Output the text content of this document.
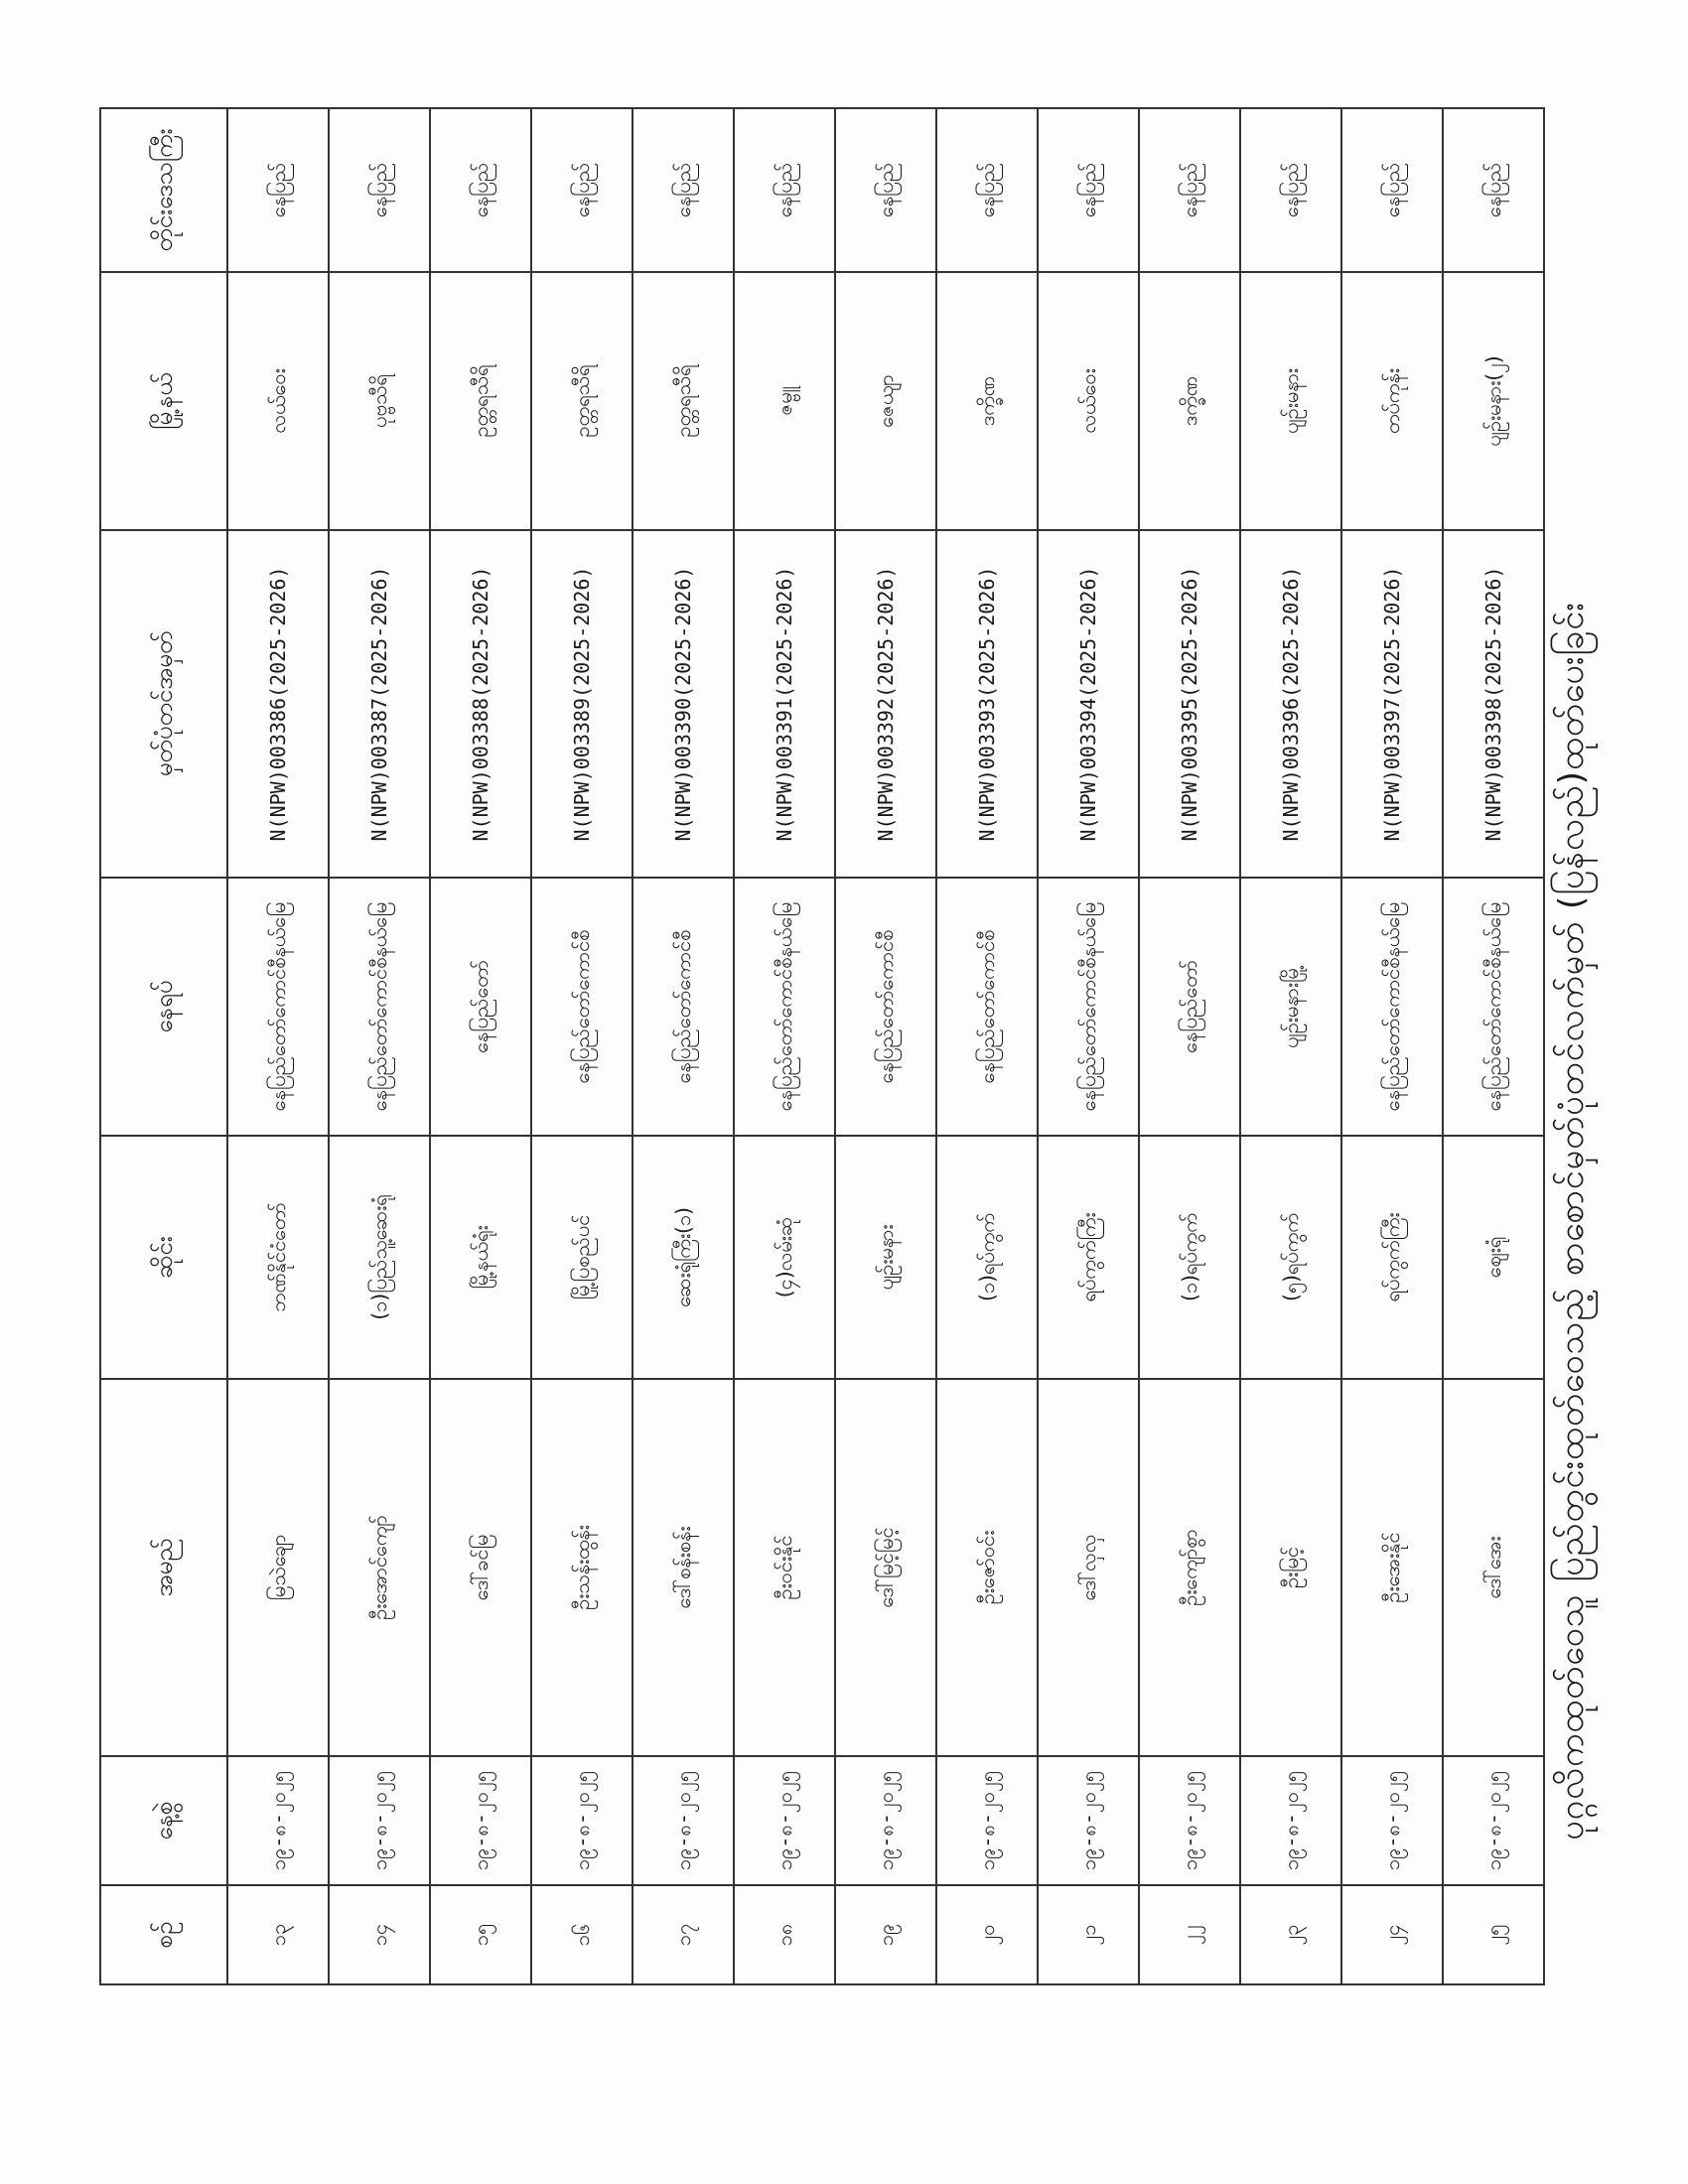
ပုဂ္ဂလိကထုတ်ဝေသူ ပြည်တွင်းထုတ်ဝေသည့် စာစောင်မှတ်ပုံတင်လက်မှတ် (ပြန်လည်)ထုတ်ပေးခြင်း
စဉ်	နေ့စွဲ	အမည်	ဆိုင်း	နေရပ်	မှတ်ပုံတင်အမှတ်	မြို့နယ်	တိုင်းဒေသကြီး
၁၃	၁၉-၈-၂၀၂၅	မြသဲချော	ဘဏ်နိုင်ငံတော်	နေပြည်တော်ကောင်စီနယ်မြေ	N(NPW)003386(2025-2026)	လယ်ဝေး	နေပြည်
၁၄	၁၉-၈-၂၀၂၅	ဦးအောင်ကျော်	(၁)ပြည်သူ့ဆေးရုံ	နေပြည်တော်ကောင်စီနယ်မြေ	N(NPW)003387(2025-2026)	ပုဗ္ဗသီရိ	နေပြည်
၁၅	၁၉-၈-၂၀၂၅	ဒေါ်ခင်မြ	မြို့နယ်ရုံး	နေပြည်တော်	N(NPW)003388(2025-2026)	ဥတ္တရသီရိ	နေပြည်
၁၆	၁၉-၈-၂၀၂၅	ဦးသန်းထွန်း	မြို့ပြစည်ပင်	နေပြည်တော်ကောင်စီ	N(NPW)003389(2025-2026)	ဥတ္တရသီရိ	နေပြည်
၁၇	၁၉-၈-၂၀၂၅	ဒေါ်စန်းစန်း	ဆေးရုံကြီး(၁)	နေပြည်တော်ကောင်စီ	N(NPW)003390(2025-2026)	ဥတ္တရသီရိ	နေပြည်
၁၈	၁၉-၈-၂၀၂၅	ဦးဝင်းနိုင်	(၄)လမ်းဆုံ	နေပြည်တော်ကောင်စီနယ်မြေ	N(NPW)003391(2025-2026)	ဇမ္ဗူ	နေပြည်
၁၉	၁၉-၈-၂၀၂၅	ဒေါ်မြင့်မြင့်	ပျဉ်းမနား	နေပြည်တော်ကောင်စီ	N(NPW)003392(2025-2026)	ဇေယျာ	နေပြည်
၂၀	၁၉-၈-၂၀၂၅	ဦးဇော်ဝင်း	(၁)ရပ်ကွက်	နေပြည်တော်ကောင်စီ	N(NPW)003393(2025-2026)	ဒက္ခိဏ	နေပြည်
၂၁	၁၉-၈-၂၀၂၅	ဒေါ်လှလှ	ရပ်ကွက်ကြီး	နေပြည်တော်ကောင်စီနယ်မြေ	N(NPW)003394(2025-2026)	လယ်ဝေး	နေပြည်
၂၂	၁၉-၈-၂၀၂၅	ဦးကျော်စွာ	(၁)ရပ်ကွက်	နေပြည်တော်	N(NPW)003395(2025-2026)	ဒက္ခိဏ	နေပြည်
၂၃	၁၉-၈-၂၀၂၅	ဦးမြင့်	(၅)ရပ်ကွက်	ပျဉ်းမနားမြို့	N(NPW)003396(2025-2026)	ပျဉ်းမနား	နေပြည်
၂၄	၁၉-၈-၂၀၂၅	ဦးအေးနိုင်	ရပ်ကွက်ကြီး	နေပြည်တော်ကောင်စီနယ်မြေ	N(NPW)003397(2025-2026)	တပ်ကုန်း	နေပြည်
၂၅	၁၉-၈-၂၀၂၅	ဒေါ်အေး	ဈေးရုံ	နေပြည်တော်ကောင်စီနယ်မြေ	N(NPW)003398(2025-2026)	ပျဉ်းမနား(၂)	နေပြည်
